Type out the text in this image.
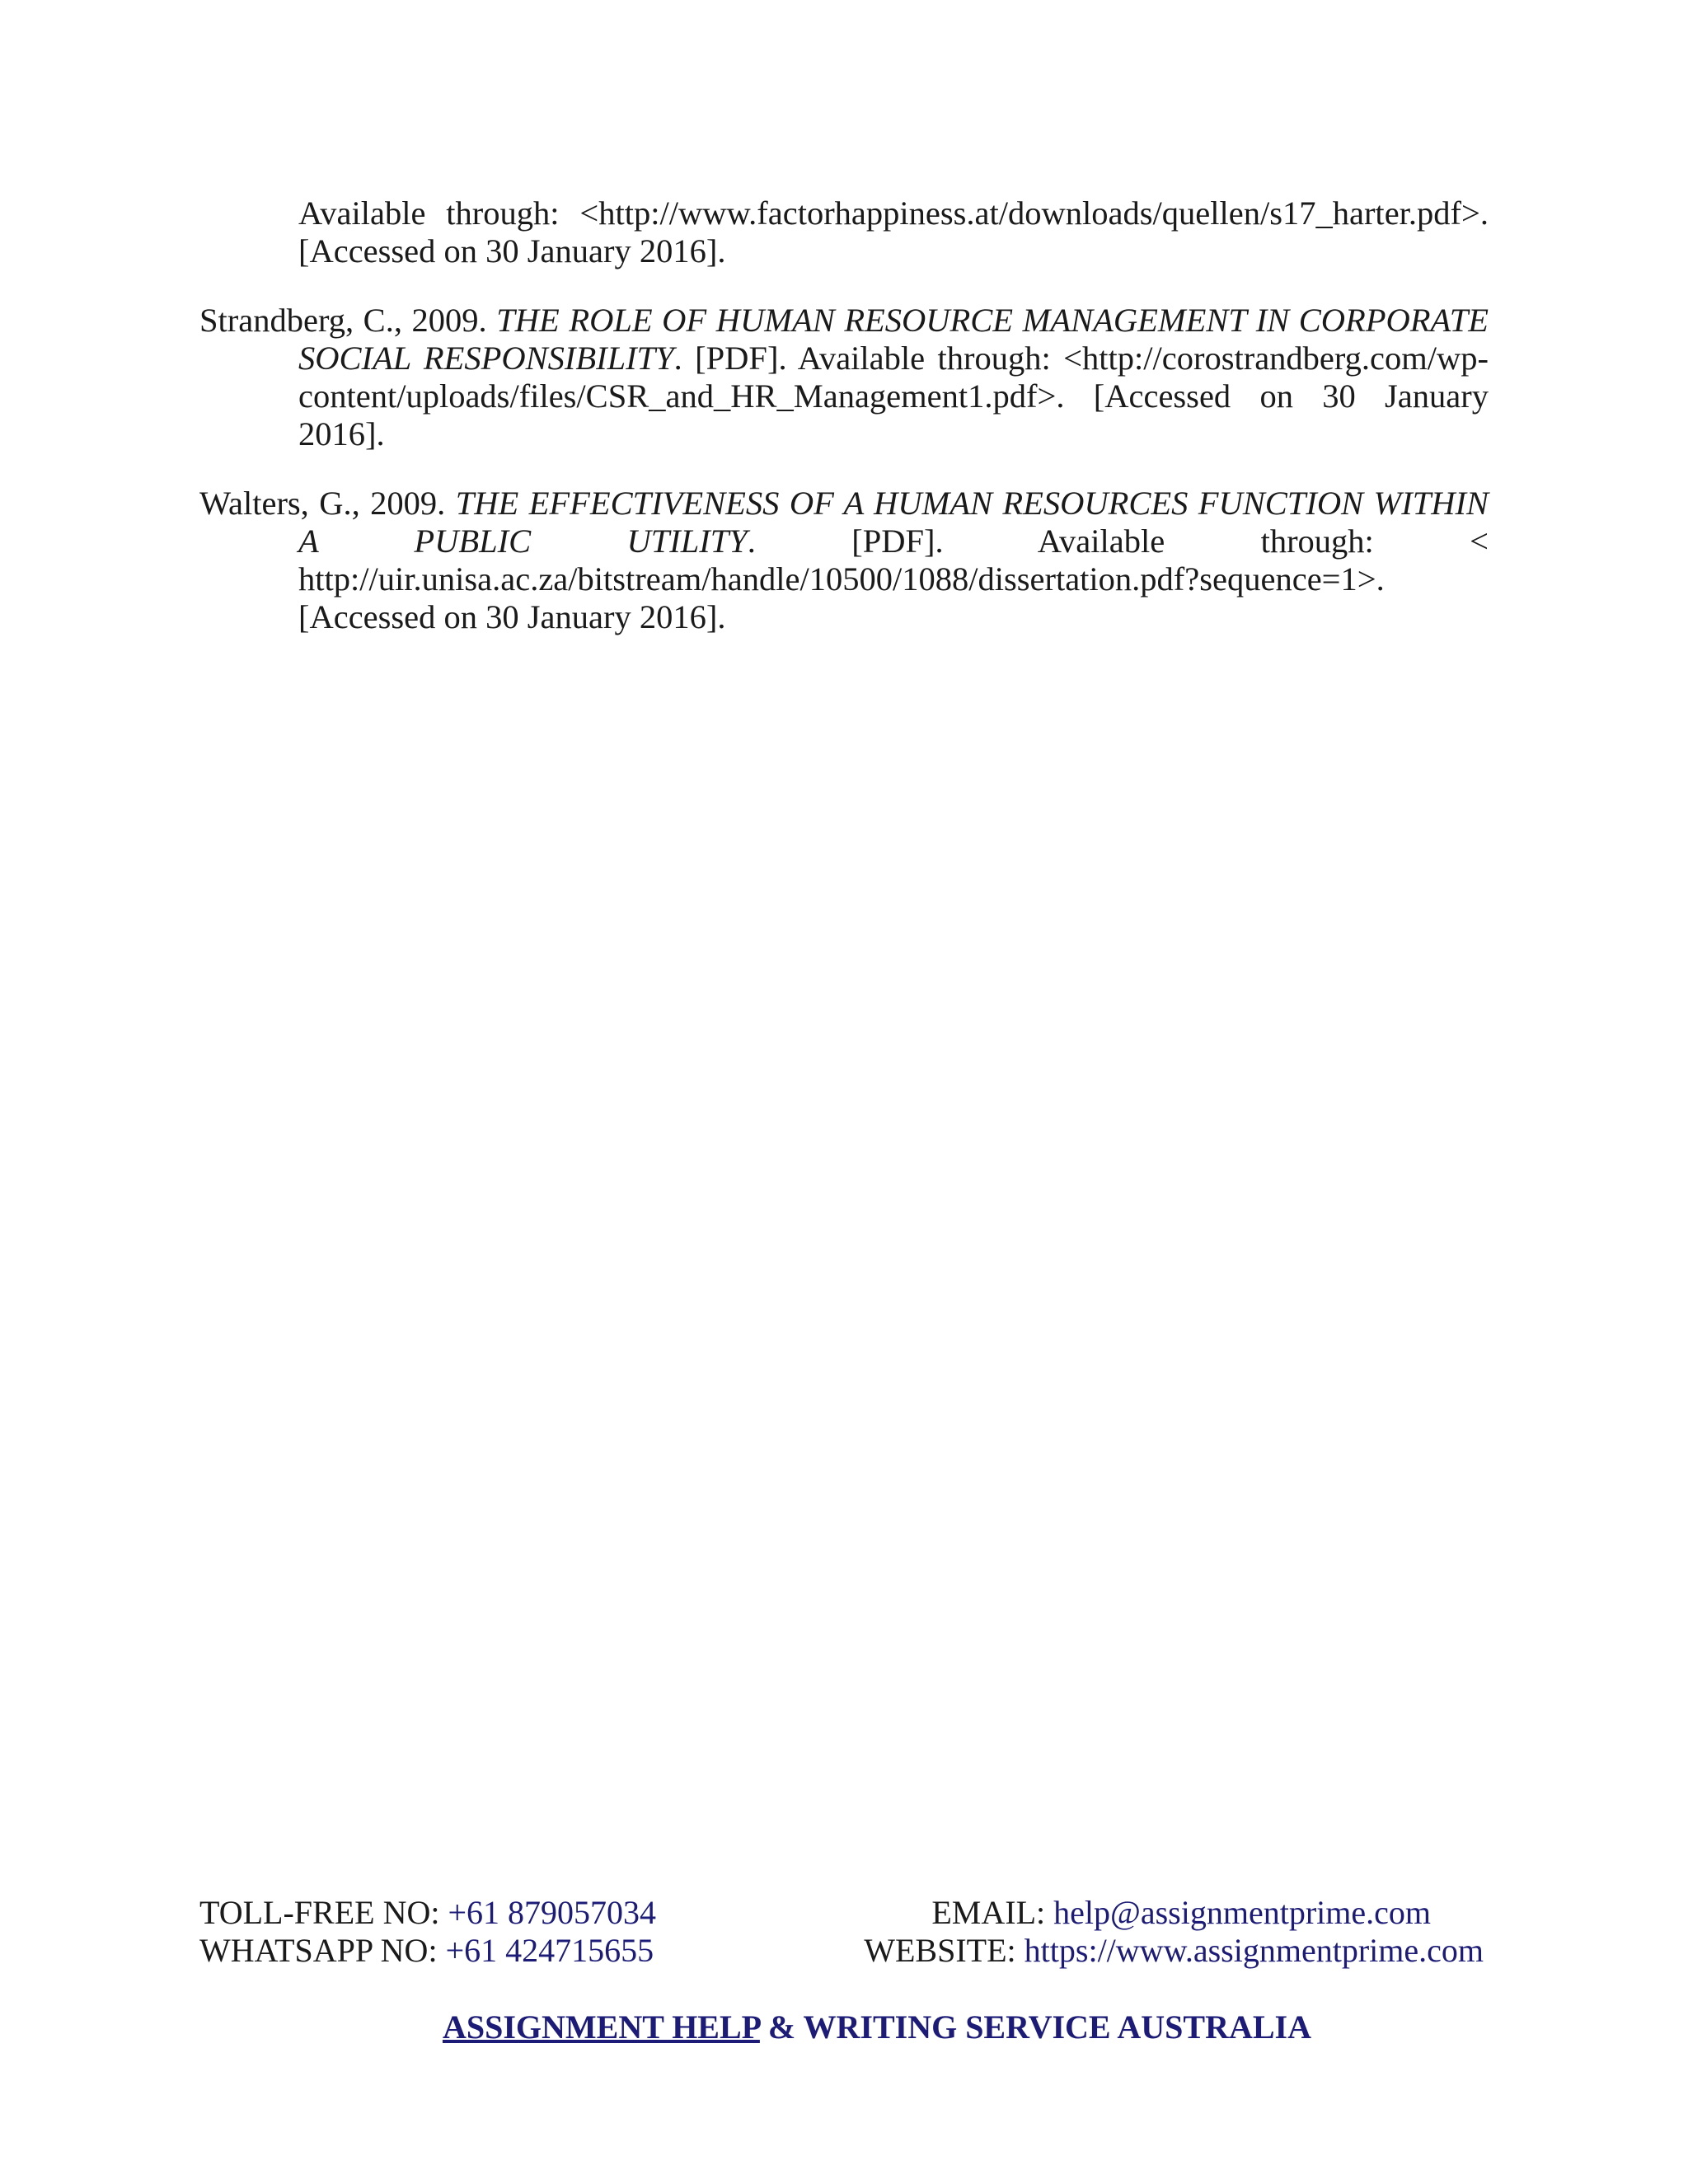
Available through: <http://www.factorhappiness.at/downloads/quellen/s17_harter.pdf>.
[Accessed on 30 January 2016].

Strandberg, C., 2009. THE ROLE OF HUMAN RESOURCE MANAGEMENT IN CORPORATE SOCIAL RESPONSIBILITY. [PDF]. Available through: <http://corostrandberg.com/wp-content/uploads/files/CSR_and_HR_Management1.pdf>. [Accessed on 30 January 2016].

Walters, G., 2009. THE EFFECTIVENESS OF A HUMAN RESOURCES FUNCTION WITHIN A PUBLIC UTILITY. [PDF]. Available through: <

http://uir.unisa.ac.za/bitstream/handle/10500/1088/dissertation.pdf?sequence=1>.
[Accessed on 30 January 2016].

TOLL-FREE NO: +61 879057034
WHATSAPP NO: +61 424715655
EMAIL: help@assignmentprime.com
WEBSITE: https://www.assignmentprime.com
ASSIGNMENT HELP & WRITING SERVICE AUSTRALIA
